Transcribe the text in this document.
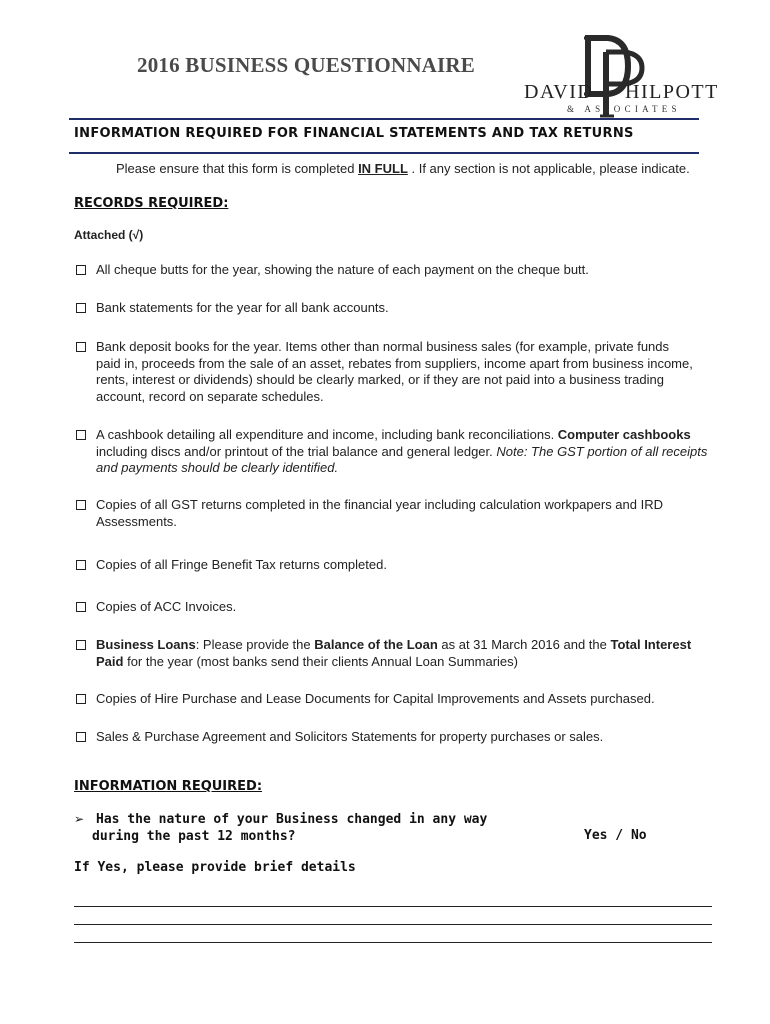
2016 BUSINESS QUESTIONNAIRE
DAVID HILPOTT
& ASSOCIATES
INFORMATION REQUIRED FOR FINANCIAL STATEMENTS AND TAX RETURNS
Please ensure that this form is completed IN FULL . If any section is not applicable, please indicate.
RECORDS REQUIRED:
Attached (√)
All cheque butts for the year, showing the nature of each payment on the cheque butt.
Bank statements for the year for all bank accounts.
Bank deposit books for the year. Items other than normal business sales (for example, private funds
paid in, proceeds from the sale of an asset, rebates from suppliers, income apart from business income,
rents, interest or dividends) should be clearly marked, or if they are not paid into a business trading
account, record on separate schedules.
A cashbook detailing all expenditure and income, including bank reconciliations. Computer cashbooks
including discs and/or printout of the trial balance and general ledger. Note: The GST portion of all receipts
and payments should be clearly identified.
Copies of all GST returns completed in the financial year including calculation workpapers and IRD
Assessments.
Copies of all Fringe Benefit Tax returns completed.
Copies of ACC Invoices.
Business Loans: Please provide the Balance of the Loan as at 31 March 2016 and the Total Interest
Paid for the year (most banks send their clients Annual Loan Summaries)
Copies of Hire Purchase and Lease Documents for Capital Improvements and Assets purchased.
Sales & Purchase Agreement and Solicitors Statements for property purchases or sales.
INFORMATION REQUIRED:
➢ Has the nature of your Business changed in any way
during the past 12 months?	Yes / No
If Yes, please provide brief details
